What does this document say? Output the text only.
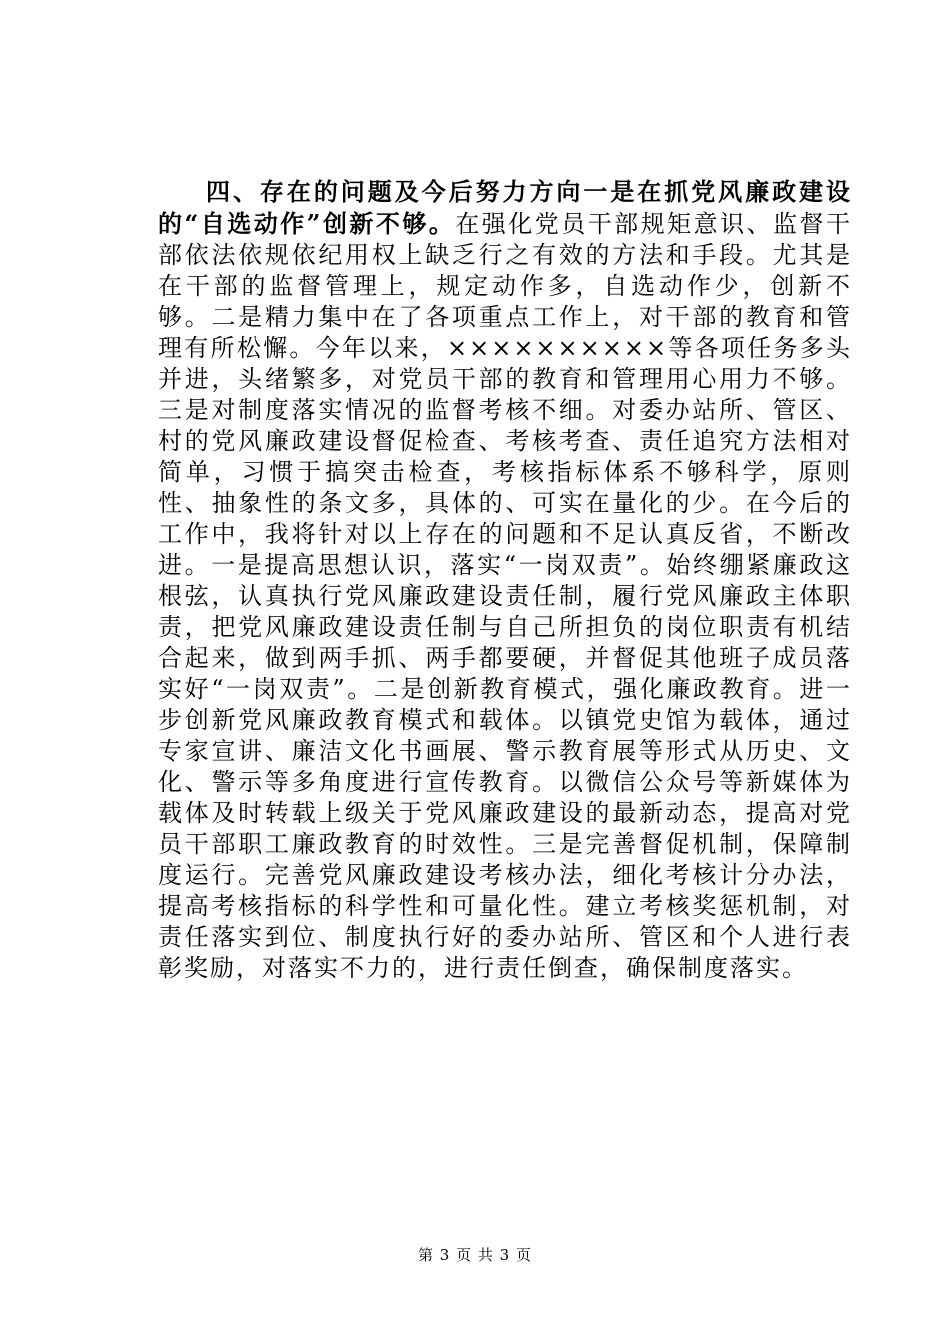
四、存在的问题及今后努力方向一是在抓党风廉政建设的“自选动作”创新不够。在强化党员干部规矩意识、监督干部依法依规依纪用权上缺乏行之有效的方法和手段。尤其是在干部的监督管理上，规定动作多，自选动作少，创新不够。二是精力集中在了各项重点工作上，对干部的教育和管理有所松懈。今年以来，××××××××××等各项任务多头并进，头绪繁多，对党员干部的教育和管理用心用力不够。三是对制度落实情况的监督考核不细。对委办站所、管区、村的党风廉政建设督促检查、考核考查、责任追究方法相对简单，习惯于搞突击检查，考核指标体系不够科学，原则性、抽象性的条文多，具体的、可实在量化的少。在今后的工作中，我将针对以上存在的问题和不足认真反省，不断改进。一是提高思想认识，落实“一岗双责”。始终绷紧廉政这根弦，认真执行党风廉政建设责任制，履行党风廉政主体职责，把党风廉政建设责任制与自己所担负的岗位职责有机结合起来，做到两手抓、两手都要硬，并督促其他班子成员落实好“一岗双责”。二是创新教育模式，强化廉政教育。进一步创新党风廉政教育模式和载体。以镇党史馆为载体，通过专家宣讲、廉洁文化书画展、警示教育展等形式从历史、文化、警示等多角度进行宣传教育。以微信公众号等新媒体为载体及时转载上级关于党风廉政建设的最新动态，提高对党员干部职工廉政教育的时效性。三是完善督促机制，保障制度运行。完善党风廉政建设考核办法，细化考核计分办法，提高考核指标的科学性和可量化性。建立考核奖惩机制，对责任落实到位、制度执行好的委办站所、管区和个人进行表彰奖励，对落实不力的，进行责任倒查，确保制度落实。

第 3 页 共 3 页
